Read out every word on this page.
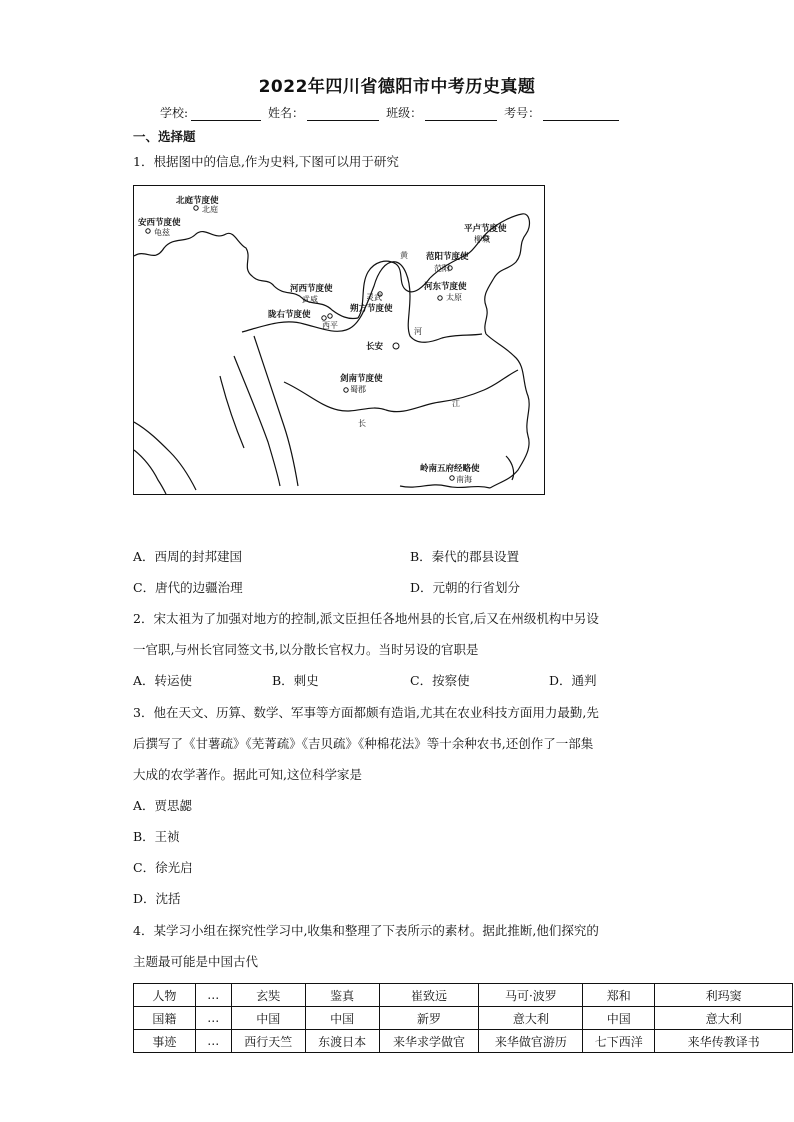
2022年四川省德阳市中考历史真题
学校:	姓名：	班级：	考号：
一、选择题
1．根据图中的信息,作为史料,下图可以用于研究
北庭节度使
北庭
安西节度使
龟兹	平卢节度使
柳城
范阳节度使
范阳
河东节度使
太原
河西节度使
武威
陇右节度使
西平
灵武
朔方节度使
长安
剑南节度使
蜀郡
岭南五府经略使
南海
黄
河
江
长
A．西周的封邦建国	B．秦代的郡县设置
C．唐代的边疆治理	D．元朝的行省划分
2．宋太祖为了加强对地方的控制,派文臣担任各地州县的长官,后又在州级机构中另设
一官职,与州长官同签文书,以分散长官权力。当时另设的官职是
A．转运使	B．刺史	C．按察使	D．通判
3．他在天文、历算、数学、军事等方面都颇有造诣,尤其在农业科技方面用力最勤,先
后撰写了《甘薯疏》《芜菁疏》《吉贝疏》《种棉花法》等十余种农书,还创作了一部集
大成的农学著作。据此可知,这位科学家是
A．贾思勰
B．王祯
C．徐光启
D．沈括
4．某学习小组在探究性学习中,收集和整理了下表所示的素材。据此推断,他们探究的
主题最可能是中国古代
人物	…	玄奘	鉴真	崔致远	马可·波罗	郑和	利玛窦
国籍	…	中国	中国	新罗	意大利	中国	意大利
事迹	…	西行天竺	东渡日本	来华求学做官	来华做官游历	七下西洋	来华传教译书
